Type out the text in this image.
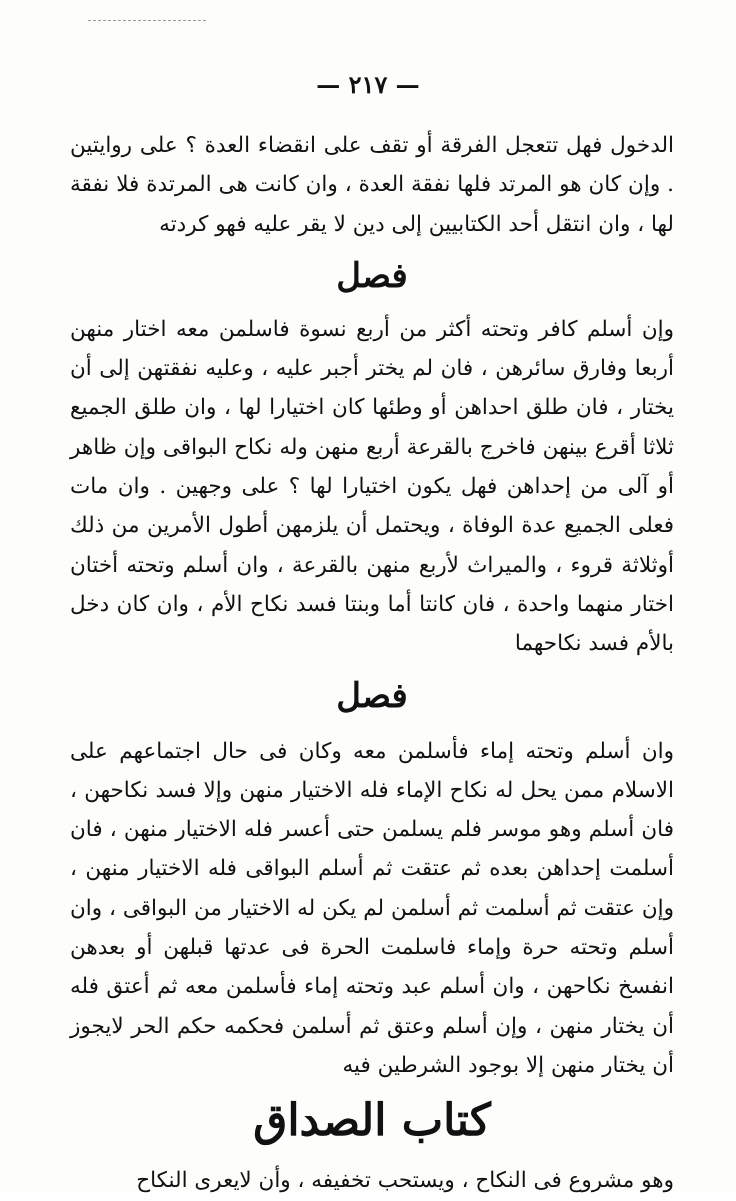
— ٢١٧ —

الدخول فهل تتعجل الفرقة أو تقف على انقضاء العدة ؟ على روايتين . وإن كان هو المرتد فلها نفقة العدة ، وان كانت هى المرتدة فلا نفقة لها ، وان انتقل أحد الكتابيين إلى دين لا يقر عليه فهو كردته

فصل

وإن أسلم كافر وتحته أكثر من أربع نسوة فاسلمن معه اختار منهن أربعا وفارق سائرهن ، فان لم يختر أجبر عليه ، وعليه نفقتهن إلى أن يختار ، فان طلق احداهن أو وطئها كان اختيارا لها ، وان طلق الجميع ثلاثا أقرع بينهن فاخرج بالقرعة أربع منهن وله نكاح البواقى وإن ظاهر أو آلى من إحداهن فهل يكون اختيارا لها ؟ على وجهين . وان مات فعلى الجميع عدة الوفاة ، ويحتمل أن يلزمهن أطول الأمرين من ذلك أوثلاثة قروء ، والميراث لأربع منهن بالقرعة ، وان أسلم وتحته أختان اختار منهما واحدة ، فان كانتا أما وبنتا فسد نكاح الأم ، وان كان دخل بالأم فسد نكاحهما

فصل

وان أسلم وتحته إماء فأسلمن معه وكان فى حال اجتماعهم على الاسلام ممن يحل له نكاح الإماء فله الاختيار منهن وإلا فسد نكاحهن ، فان أسلم وهو موسر فلم يسلمن حتى أعسر فله الاختيار منهن ، فان أسلمت إحداهن بعده ثم عتقت ثم أسلم البواقى فله الاختيار منهن ، وإن عتقت ثم أسلمت ثم أسلمن لم يكن له الاختيار من البواقى ، وان أسلم وتحته حرة وإماء فاسلمت الحرة فى عدتها قبلهن أو بعدهن انفسخ نكاحهن ، وان أسلم عبد وتحته إماء فأسلمن معه ثم أعتق فله أن يختار منهن ، وإن أسلم وعتق ثم أسلمن فحكمه حكم الحر لايجوز أن يختار منهن إلا بوجود الشرطين فيه

كتاب الصداق

وهو مشروع فى النكاح ، ويستحب تخفيفه ، وأن لايعرى النكاح
